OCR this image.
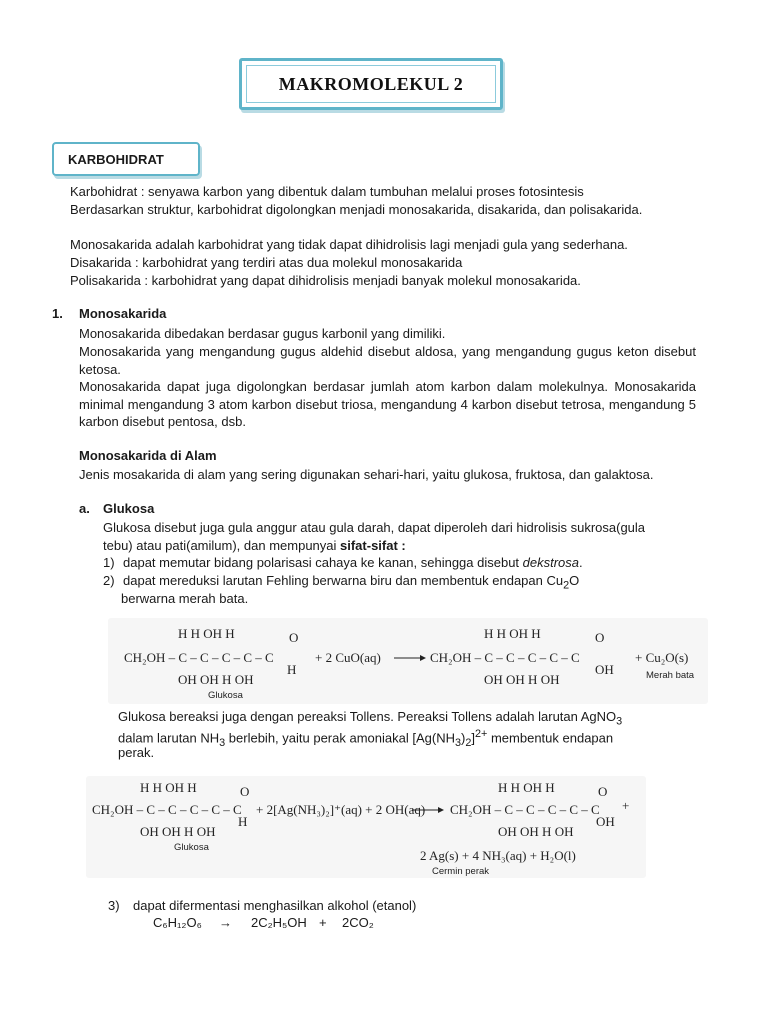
MAKROMOLEKUL 2
KARBOHIDRAT
Karbohidrat : senyawa karbon yang dibentuk dalam tumbuhan melalui proses fotosintesis
Berdasarkan struktur, karbohidrat digolongkan menjadi monosakarida, disakarida, dan polisakarida.
Monosakarida adalah karbohidrat yang tidak dapat dihidrolisis lagi menjadi gula yang sederhana.
Disakarida : karbohidrat yang terdiri atas dua molekul monosakarida
Polisakarida : karbohidrat yang dapat dihidrolisis menjadi banyak molekul monosakarida.
1. Monosakarida
Monosakarida dibedakan berdasar gugus karbonil yang dimiliki.
Monosakarida yang mengandung gugus aldehid disebut aldosa, yang mengandung gugus keton disebut ketosa.
Monosakarida dapat juga digolongkan berdasar jumlah atom karbon dalam molekulnya. Monosakarida minimal mengandung 3 atom karbon disebut triosa, mengandung 4 karbon disebut tetrosa, mengandung 5 karbon disebut pentosa, dsb.
Monosakarida di Alam
Jenis mosakarida di alam yang sering digunakan sehari-hari, yaitu glukosa, fruktosa, dan galaktosa.
a. Glukosa
Glukosa disebut juga gula anggur atau gula darah, dapat diperoleh dari hidrolisis sukrosa(gula tebu) atau pati(amilum), dan mempunyai sifat-sifat :
1) dapat memutar bidang polarisasi cahaya ke kanan, sehingga disebut dekstrosa.
2) dapat mereduksi larutan Fehling berwarna biru dan membentuk endapan $Cu_2O$
berwarna merah bata.
CH₂OH – C – C – C – C – C
H H OH H
OH OH H OH
O
H
Glukosa
+ 2 CuO(aq)	CH₂OH – C – C – C – C – C
H H OH H
OH OH H OH
O
OH
+ Cu₂O(s)
Merah bata
Glukosa bereaksi juga dengan pereaksi Tollens. Pereaksi Tollens adalah larutan AgNO$_3$
dalam larutan $NH_3$ berlebih, yaitu perak amoniakal $[Ag(NH_3)_2]^{2+}$ membentuk endapan
perak.
CH₂OH – C – C – C – C – C
H H OH H
OH OH H OH
O
H
Glukosa
+ 2[Ag(NH₃)₂]⁺(aq) + 2 OH(aq) CH₂OH – C – C – C – C – C
H H OH H
OH OH H OH
O
OH
+
2 Ag(s) + 4 NH₃(aq) + H₂O(l)
Cermin perak
3) dapat difermentasi menghasilkan alkohol (etanol)
C₆H₁₂O₆ → 2C₂H₅OH + 2CO₂
